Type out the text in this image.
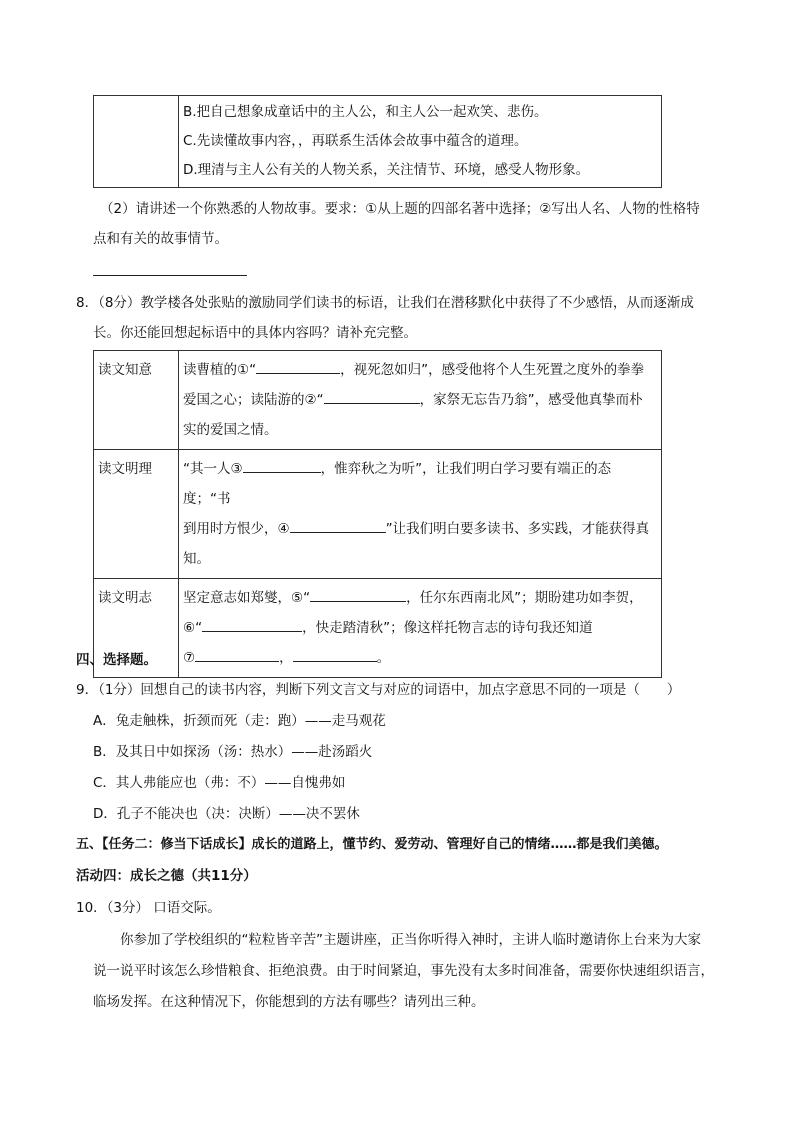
B.把自己想象成童话中的主人公，和主人公一起欢笑、悲伤。
C.先读懂故事内容，，再联系生活体会故事中蕴含的道理。
D.理清与主人公有关的人物关系，关注情节、环境，感受人物形象。
（2）请讲述一个你熟悉的人物故事。要求：①从上题的四部名著中选择；②写出人名、人物的性格特
点和有关的故事情节。
8．（8分）教学楼各处张贴的激励同学们读书的标语，让我们在潜移默化中获得了不少感悟，从而逐渐成
长。你还能回想起标语中的具体内容吗？请补充完整。
读文知意	读曹植的①“ ，视死忽如归”，感受他将个人生死置之度外的拳拳
爱国之心；读陆游的②“ ，家祭无忘告乃翁”，感受他真挚而朴
实的爱国之情。

读文明理	“其一人③ ，惟弈秋之为听”，让我们明白学习要有端正的态度；“书
到用时方恨少，④ ”让我们明白要多读书、多实践，才能获得真
知。

读文明志	坚定意志如郑燮，⑤“ ，任尔东西南北风”；期盼建功如李贺，
⑥“ ，快走踏清秋”；像这样托物言志的诗句我还知道
⑦ ， 。
四、选择题。
9．（1分）回想自己的读书内容，判断下列文言文与对应的词语中，加点字意思不同的一项是（　　）
A．兔走触株，折颈而死（走：跑）——走马观花
B．及其日中如探汤（汤：热水）——赴汤蹈火
C．其人弗能应也（弗：不）——自愧弗如
D．孔子不能决也（决：决断）——决不罢休
五、【任务二：修当下话成长】成长的道路上，懂节约、爱劳动、管理好自己的情绪……都是我们美德。
活动四：成长之德（共11分）
10．（3分） 口语交际。
你参加了学校组织的“粒粒皆辛苦”主题讲座，正当你听得入神时，主讲人临时邀请你上台来为大家
说一说平时该怎么珍惜粮食、拒绝浪费。由于时间紧迫，事先没有太多时间准备，需要你快速组织语言，
临场发挥。在这种情况下，你能想到的方法有哪些？请列出三种。
